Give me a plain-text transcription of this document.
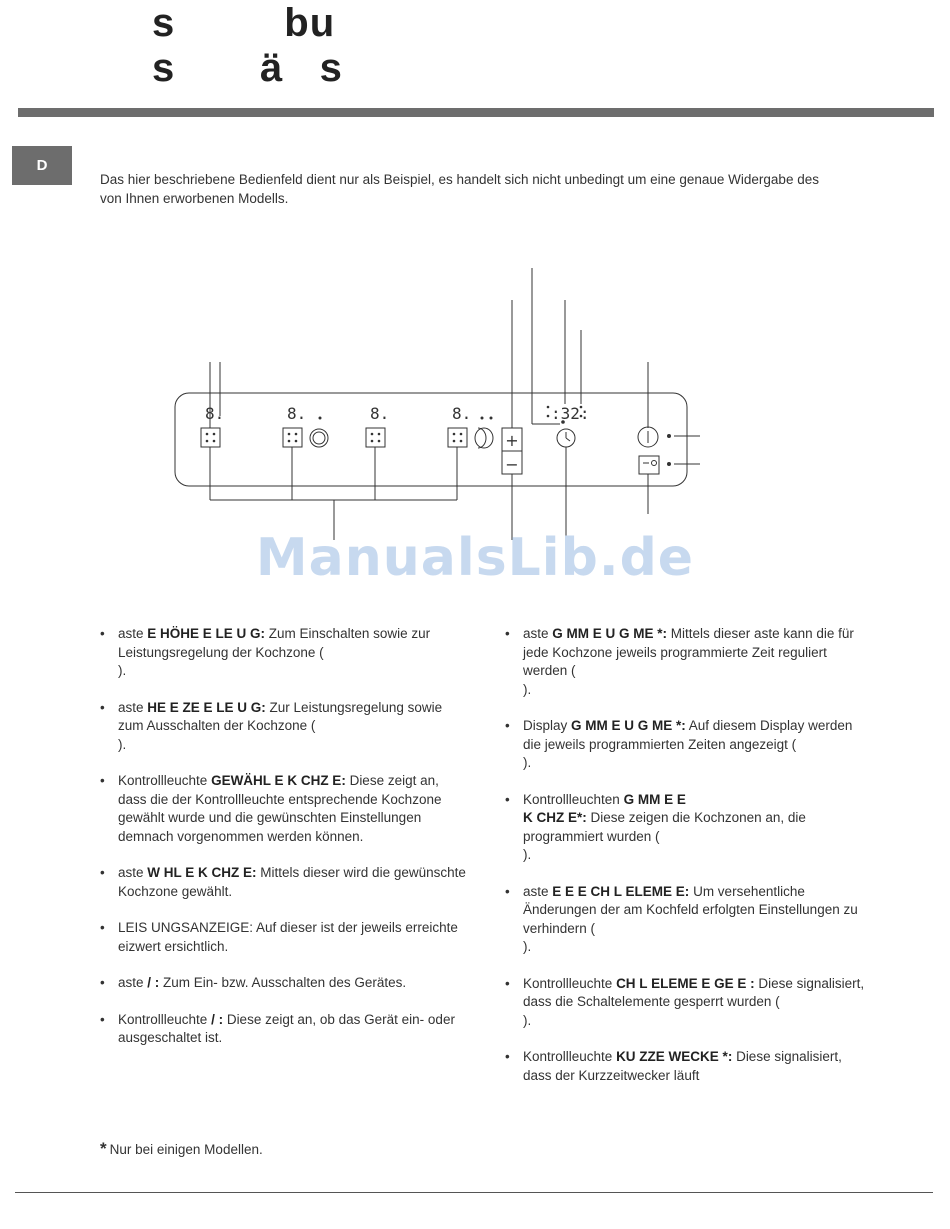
s         bu
s       ä   s
D

Das hier beschriebene Bedienfeld dient nur als Beispiel, es handelt sich nicht unbedingt um eine genaue Widergabe des von Ihnen erworbenen Modells.

8.	8.	8.	8.	:32:
+
−
ManualsLib.de

• aste E HÖHE E LE U G: Zum Einschalten sowie zur Leistungsregelung der Kochzone (
).

• aste HE E ZE E LE U G: Zur Leistungsregelung sowie zum Ausschalten der Kochzone (
).

• Kontrollleuchte GEWÄHL E K CHZ E: Diese zeigt an, dass die der Kontrollleuchte entsprechende Kochzone gewählt wurde und die gewünschten Einstellungen demnach vorgenommen werden können.

• aste W HL E K CHZ E: Mittels dieser wird die gewünschte Kochzone gewählt.

• LEIS UNGSANZEIGE: Auf dieser ist der jeweils erreichte eizwert ersichtlich.

• aste / : Zum Ein- bzw. Ausschalten des Gerätes.

• Kontrollleuchte / : Diese zeigt an, ob das Gerät ein- oder ausgeschaltet ist.

• aste G MM E U G ME *: Mittels dieser aste kann die für jede Kochzone jeweils programmierte Zeit reguliert werden (
).

• Display G MM E U G ME *: Auf diesem Display werden die jeweils programmierten Zeiten angezeigt (
).

• Kontrollleuchten G MM E E
K CHZ E*: Diese zeigen die Kochzonen an, die programmiert wurden (
).

• aste E E E CH L ELEME E: Um versehentliche Änderungen der am Kochfeld erfolgten Einstellungen zu verhindern (
).

• Kontrollleuchte CH L ELEME E GE E : Diese signalisiert, dass die Schaltelemente gesperrt wurden (
).

• Kontrollleuchte KU ZZE WECKE *: Diese signalisiert, dass der Kurzzeitwecker läuft

* Nur bei einigen Modellen.
